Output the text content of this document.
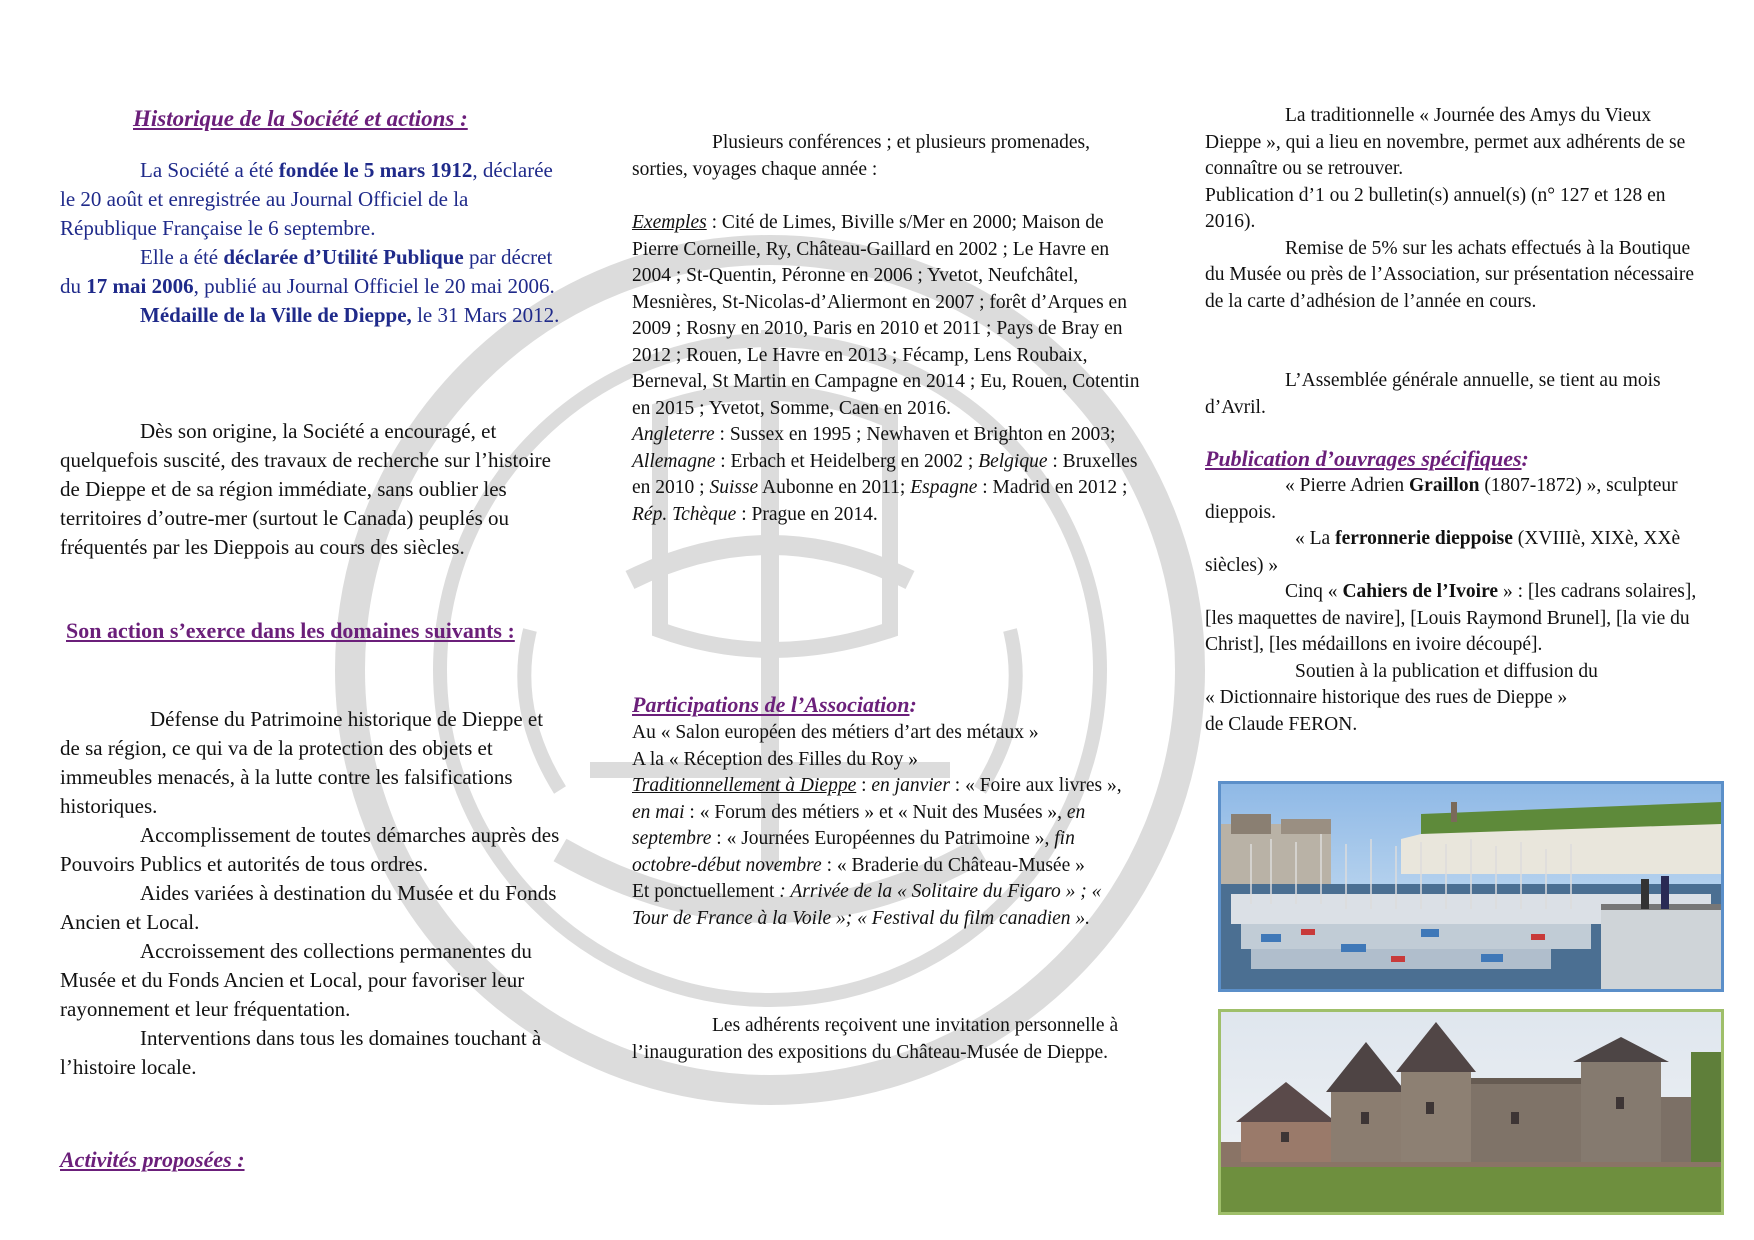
Historique de la Société et actions :

La Société a été fondée le 5 mars 1912, déclarée le 20 août et enregistrée au Journal Officiel de la République Française le 6 septembre.

Elle a été déclarée d’Utilité Publique par décret du 17 mai 2006, publié au Journal Officiel le 20 mai 2006.

Médaille de la Ville de Dieppe, le 31 Mars 2012.

Dès son origine, la Société a encouragé, et quelquefois suscité, des travaux de recherche sur l’histoire de Dieppe et de sa région immédiate, sans oublier les territoires d’outre-mer (surtout le Canada) peuplés ou fréquentés par les Dieppois au cours des siècles.

Son action s’exerce dans les domaines suivants :

Défense du Patrimoine historique de Dieppe et de sa région, ce qui va de la protection des objets et immeubles menacés, à la lutte contre les falsifications historiques.

Accomplissement de toutes démarches auprès des Pouvoirs Publics et autorités de tous ordres.

Aides variées à destination du Musée et du Fonds Ancien et Local.

Accroissement des collections permanentes du Musée et du Fonds Ancien et Local, pour favoriser leur rayonnement et leur fréquentation.

Interventions dans tous les domaines touchant à l’histoire locale.

Activités proposées :

Plusieurs conférences ; et plusieurs promenades, sorties, voyages chaque année :

Exemples : Cité de Limes, Biville s/Mer en 2000; Maison de Pierre Corneille, Ry, Château-Gaillard en 2002 ; Le Havre en 2004 ; St-Quentin, Péronne en 2006 ; Yvetot, Neufchâtel, Mesnières, St-Nicolas-d’Aliermont en 2007 ; forêt d’Arques en 2009 ; Rosny en 2010, Paris en 2010 et 2011 ; Pays de Bray en 2012 ; Rouen, Le Havre en 2013 ; Fécamp, Lens Roubaix, Berneval, St Martin en Campagne en 2014 ; Eu, Rouen, Cotentin en 2015 ; Yvetot, Somme, Caen en 2016.

Angleterre : Sussex en 1995 ; Newhaven et Brighton en 2003; Allemagne : Erbach et Heidelberg en 2002 ; Belgique : Bruxelles en 2010 ; Suisse Aubonne en 2011; Espagne : Madrid en 2012 ; Rép. Tchèque : Prague en 2014.

Participations de l’Association:

Au « Salon européen des métiers d’art des métaux »

A la « Réception des Filles du Roy »

Traditionnellement à Dieppe : en janvier : « Foire aux livres », en mai : « Forum des métiers » et « Nuit des Musées », en septembre : « Journées Européennes du Patrimoine », fin octobre-début novembre : « Braderie du Château-Musée »

Et ponctuellement : Arrivée de la « Solitaire du Figaro » ; « Tour de France à la Voile »; « Festival du film canadien ».

Les adhérents reçoivent une invitation personnelle à l’inauguration des expositions du Château-Musée de Dieppe.

La traditionnelle « Journée des Amys du Vieux Dieppe », qui a lieu en novembre, permet aux adhérents de se connaître ou se retrouver.

Publication d’1 ou 2 bulletin(s) annuel(s) (n° 127 et 128 en 2016).

Remise de 5% sur les achats effectués à la Boutique du Musée ou près de l’Association, sur présentation nécessaire de la carte d’adhésion de l’année en cours.

L’Assemblée générale annuelle, se tient au mois d’Avril.

Publication d’ouvrages spécifiques:

« Pierre Adrien Graillon (1807-1872) », sculpteur dieppois.

« La ferronnerie dieppoise (XVIIIè, XIXè, XXè siècles) »

Cinq « Cahiers de l’Ivoire » : [les cadrans solaires], [les maquettes de navire], [Louis Raymond Brunel], [la vie du Christ], [les médaillons en ivoire découpé].

Soutien à la publication et diffusion du

« Dictionnaire historique des rues de Dieppe »

de Claude FERON.
